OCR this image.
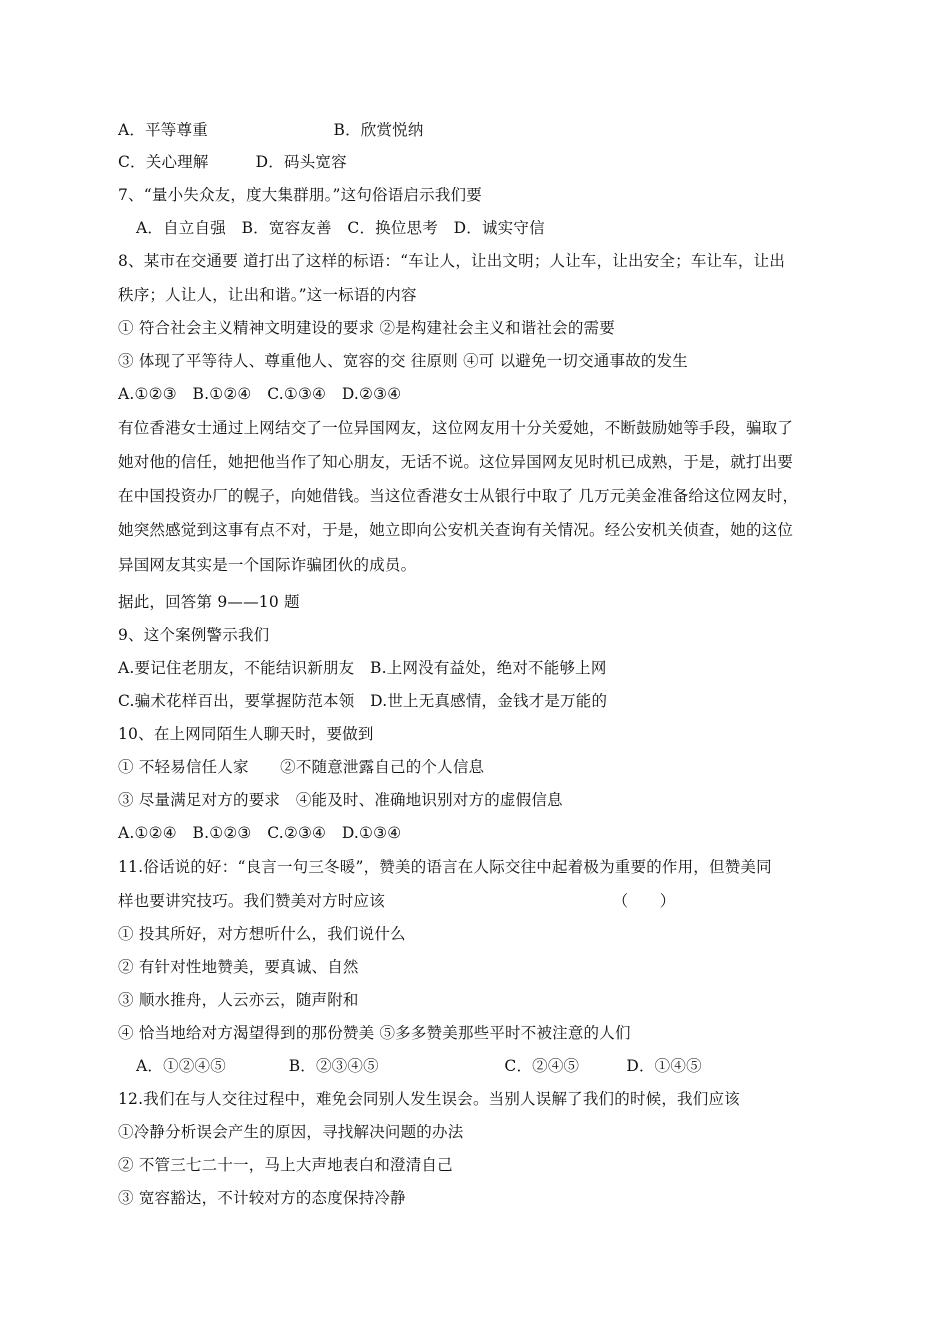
A．平等尊重　　　　　　　　B．欣赏悦纳
C．关心理解　　　D．码头宽容
7、“量小失众友，度大集群朋。”这句俗语启示我们要
A．自立自强　B．宽容友善　C．换位思考　D．诚实守信
8、某市在交通要 道打出了这样的标语：“车让人，让出文明；人让车，让出安全；车让车，让出
秩序；人让人，让出和谐。”这一标语的内容
① 符合社会主义精神文明建设的要求 ②是构建社会主义和谐社会的需要
③ 体现了平等待人、尊重他人、宽容的交 往原则 ④可 以避免一切交通事故的发生
A.①②③　B.①②④　C.①③④　D.②③④
有位香港女士通过上网结交了一位异国网友，这位网友用十分关爱她，不断鼓励她等手段，骗取了
她对他的信任，她把他当作了知心朋友，无话不说。这位异国网友见时机已成熟，于是，就打出要
在中国投资办厂的幌子，向她借钱。当这位香港女士从银行中取了 几万元美金准备给这位网友时，
她突然感觉到这事有点不对，于是，她立即向公安机关查询有关情况。经公安机关侦查，她的这位
异国网友其实是一个国际诈骗团伙的成员。
据此，回答第 9——10 题
9、这个案例警示我们
A.要记住老朋友，不能结识新朋友　B.上网没有益处，绝对不能够上网
C.骗术花样百出，要掌握防范本领　D.世上无真感情，金钱才是万能的
10、在上网同陌生人聊天时，要做到
① 不轻易信任人家　　②不随意泄露自己的个人信息
③ 尽量满足对方的要求　④能及时、准确地识别对方的虚假信息
A.①②④　B.①②③　C.②③④　D.①③④
11.俗话说的好：“良言一句三冬暖”，赞美的语言在人际交往中起着极为重要的作用，但赞美同
样也要讲究技巧。我们赞美对方时应该　　　　　　　　　　　　　　　（　　）
① 投其所好，对方想听什么，我们说什么
② 有针对性地赞美，要真诚、自然
③ 顺水推舟，人云亦云，随声附和
④ 恰当地给对方渴望得到的那份赞美 ⑤多多赞美那些平时不被注意的人们
A．①②④⑤　　　　B．②③④⑤　　　　　　　　C．②④⑤　　　D．①④⑤
12.我们在与人交往过程中，难免会同别人发生误会。当别人误解了我们的时候，我们应该
①冷静分析误会产生的原因，寻找解决问题的办法
② 不管三七二十一，马上大声地表白和澄清自己
③ 宽容豁达，不计较对方的态度保持冷静
